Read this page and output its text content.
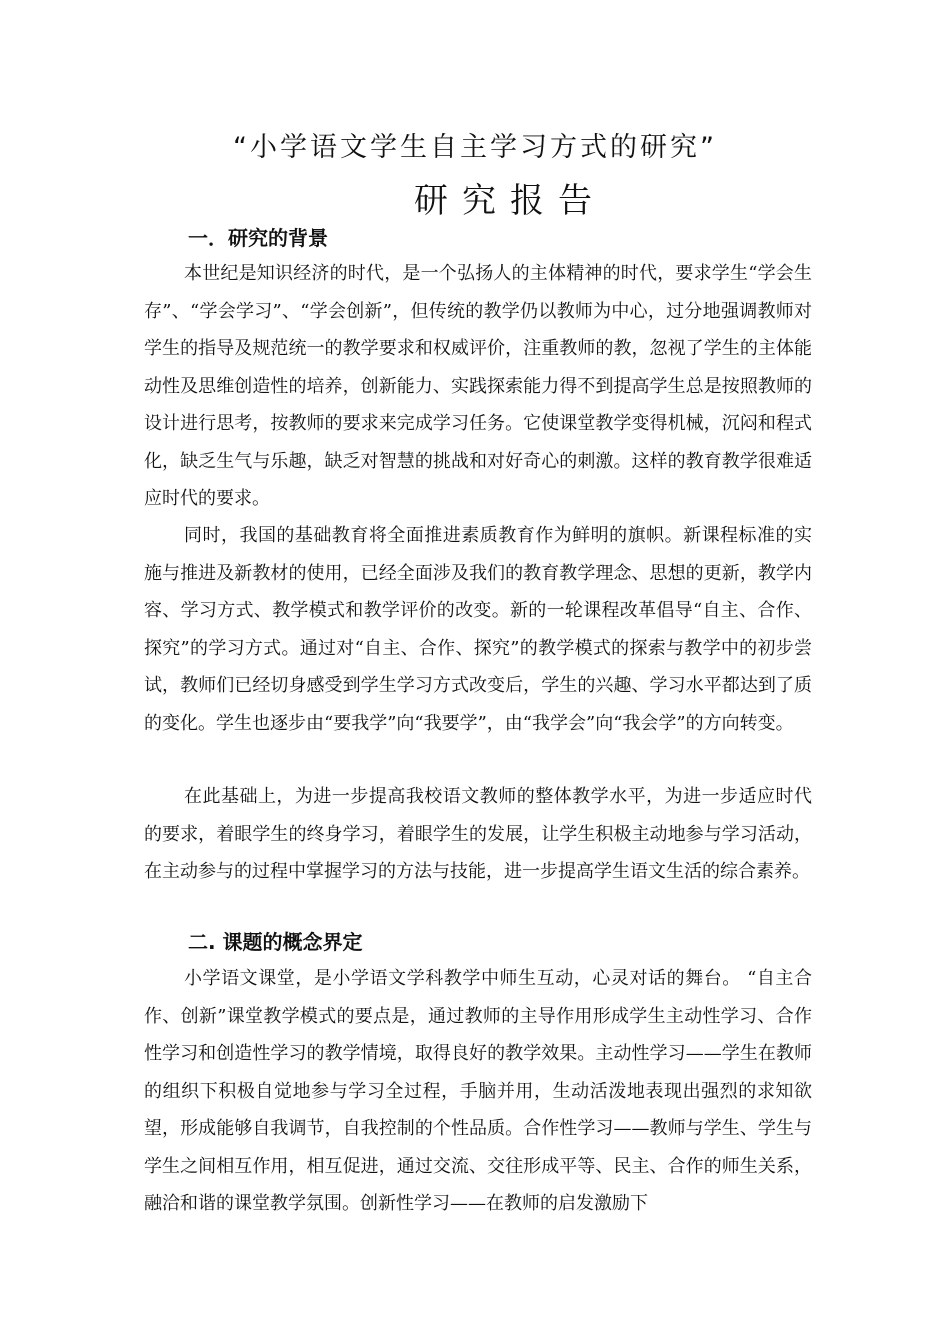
“小学语文学生自主学习方式的研究”
研究报告
一．研究的背景

本世纪是知识经济的时代，是一个弘扬人的主体精神的时代，要求学生“学会生存”、“学会学习”、“学会创新”，但传统的教学仍以教师为中心，过分地强调教师对学生的指导及规范统一的教学要求和权威评价，注重教师的教，忽视了学生的主体能动性及思维创造性的培养，创新能力、实践探索能力得不到提高学生总是按照教师的设计进行思考，按教师的要求来完成学习任务。它使课堂教学变得机械，沉闷和程式化，缺乏生气与乐趣，缺乏对智慧的挑战和对好奇心的刺激。这样的教育教学很难适应时代的要求。

同时，我国的基础教育将全面推进素质教育作为鲜明的旗帜。新课程标准的实施与推进及新教材的使用，已经全面涉及我们的教育教学理念、思想的更新，教学内容、学习方式、教学模式和教学评价的改变。新的一轮课程改革倡导“自主、合作、探究”的学习方式。通过对“自主、合作、探究”的教学模式的探索与教学中的初步尝试，教师们已经切身感受到学生学习方式改变后，学生的兴趣、学习水平都达到了质的变化。学生也逐步由“要我学”向“我要学”，由“我学会”向“我会学”的方向转变。

在此基础上，为进一步提高我校语文教师的整体教学水平，为进一步适应时代的要求，着眼学生的终身学习，着眼学生的发展，让学生积极主动地参与学习活动，在主动参与的过程中掌握学习的方法与技能，进一步提高学生语文生活的综合素养。

二. 课题的概念界定

小学语文课堂，是小学语文学科教学中师生互动，心灵对话的舞台。 “自主合作、创新”课堂教学模式的要点是，通过教师的主导作用形成学生主动性学习、合作性学习和创造性学习的教学情境，取得良好的教学效果。主动性学习——学生在教师的组织下积极自觉地参与学习全过程，手脑并用，生动活泼地表现出强烈的求知欲望，形成能够自我调节，自我控制的个性品质。合作性学习——教师与学生、学生与学生之间相互作用，相互促进，通过交流、交往形成平等、民主、合作的师生关系，融洽和谐的课堂教学氛围。创新性学习——在教师的启发激励下
